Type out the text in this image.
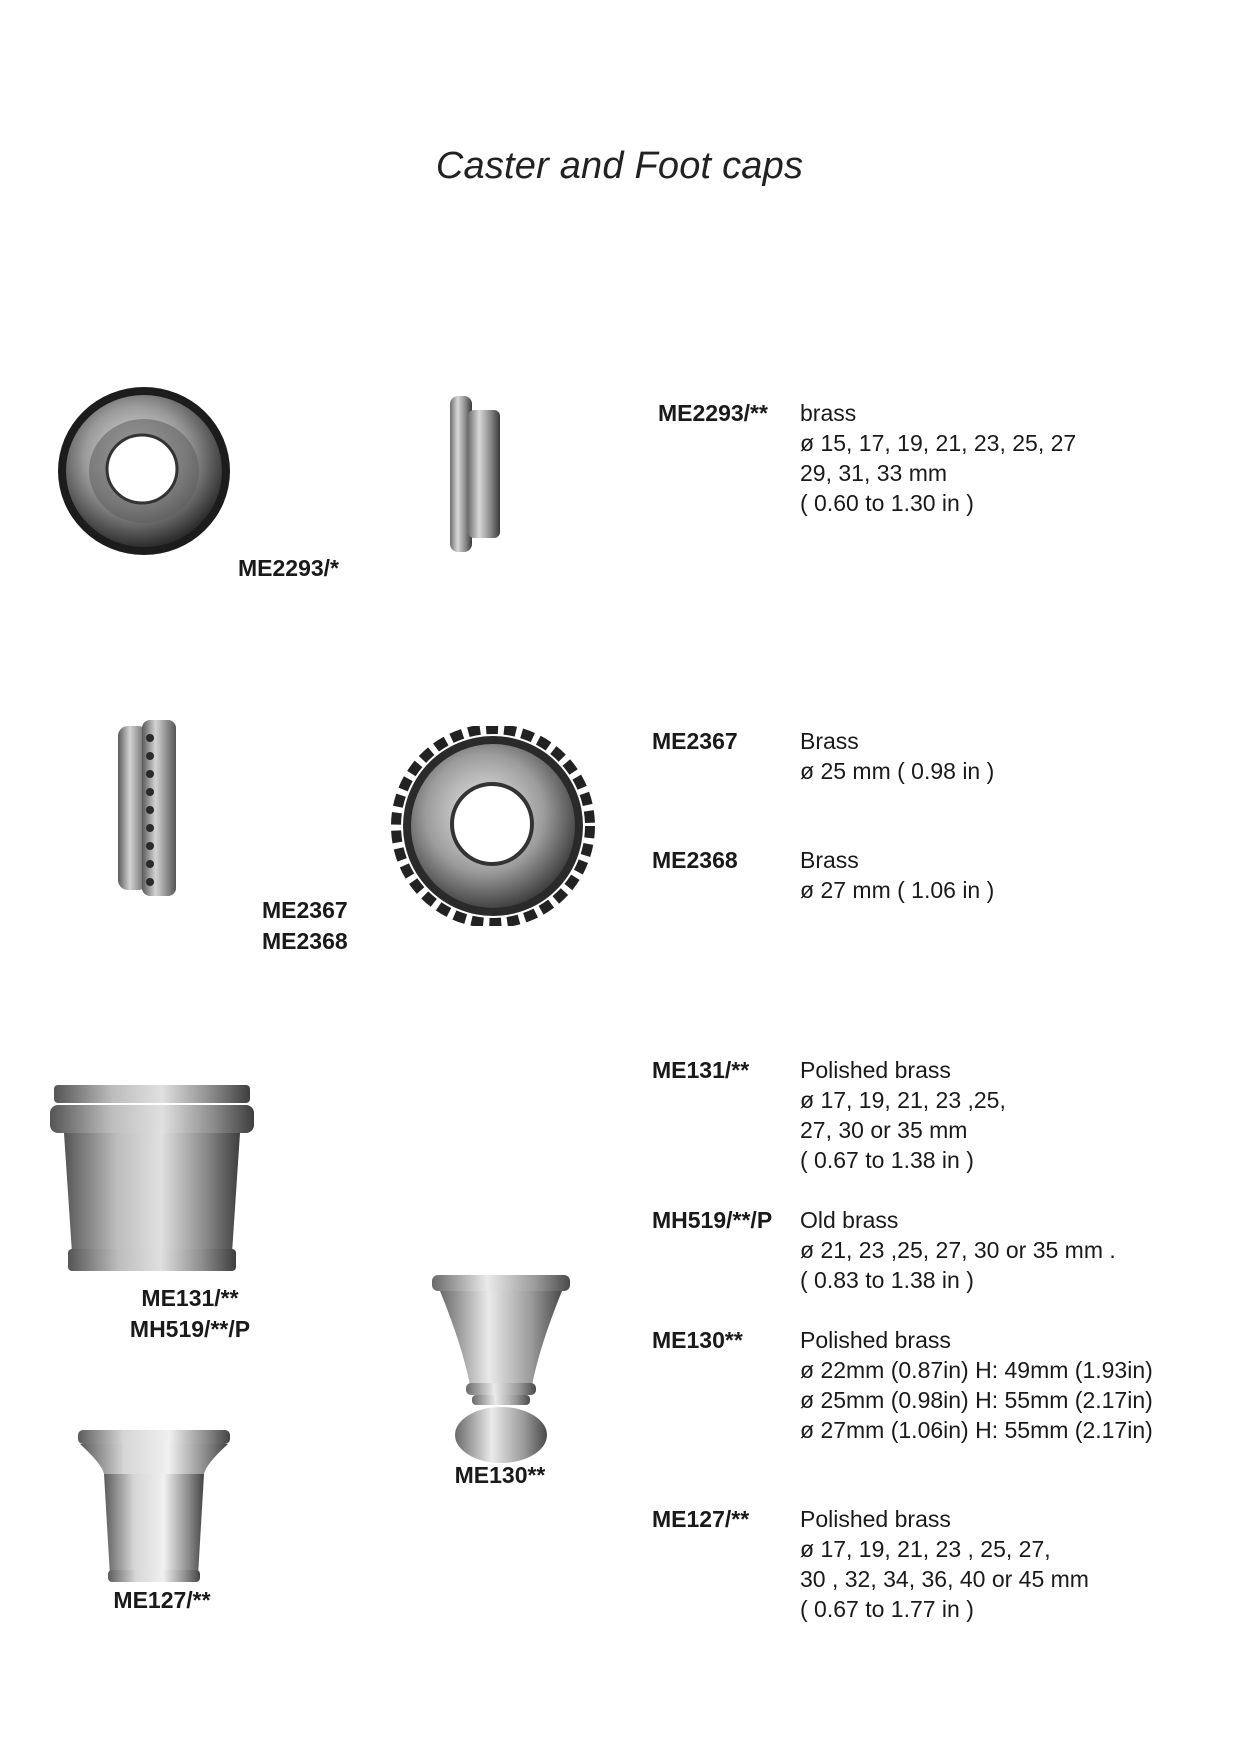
Caster and Foot caps
ME2293/*
ME2367
ME2368
ME131/**
MH519/**/P
ME130**
ME127/**
ME2293/** brass
ø 15, 17, 19, 21, 23, 25, 27
29, 31, 33 mm
( 0.60 to 1.30 in )
ME2367	Brass
ø 25 mm ( 0.98 in )
ME2368	Brass
ø 27 mm ( 1.06 in )
ME131/** Polished brass
ø 17, 19, 21, 23 ,25,
27, 30 or 35 mm
( 0.67 to 1.38 in )
MH519/**/P Old brass
ø 21, 23 ,25, 27, 30 or 35 mm .
( 0.83 to 1.38 in )
ME130** Polished brass
ø 22mm (0.87in) H: 49mm (1.93in)
ø 25mm (0.98in) H: 55mm (2.17in)
ø 27mm (1.06in) H: 55mm (2.17in)
ME127/** Polished brass
ø 17, 19, 21, 23 , 25, 27,
30 , 32, 34, 36, 40 or 45 mm
( 0.67 to 1.77 in )
